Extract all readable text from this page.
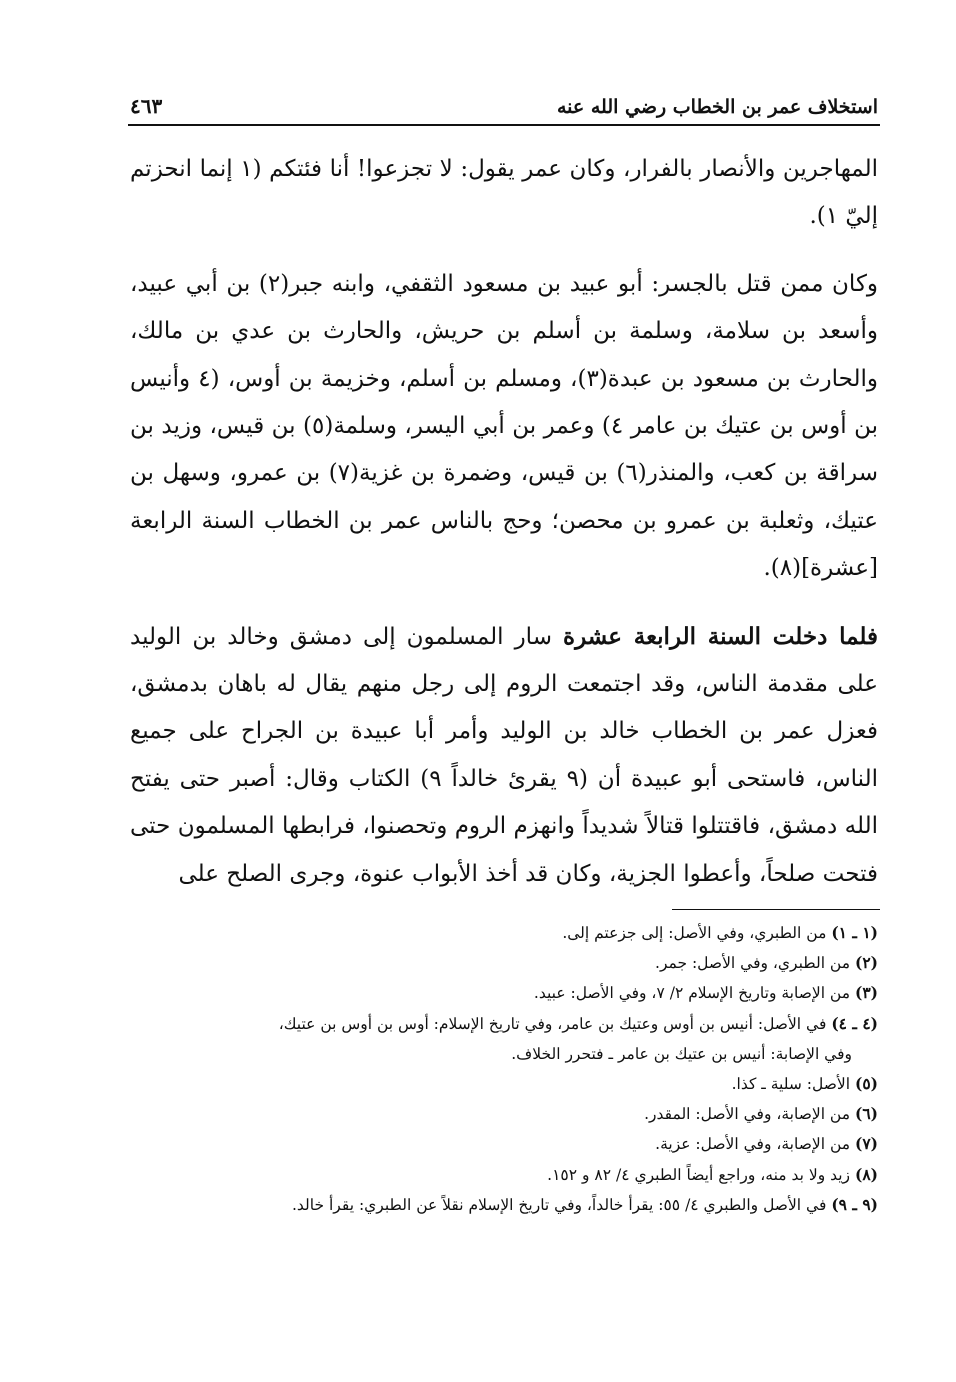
استخلاف عمر بن الخطاب رضي الله عنه
٤٦٣

المهاجرين والأنصار بالفرار، وكان عمر يقول: لا تجزعوا! أنا فئتكم (١ إنما انحزتم إليّ ١).

وكان ممن قتل بالجسر: أبو عبيد بن مسعود الثقفي، وابنه جبر(٢) بن أبي عبيد، وأسعد بن سلامة، وسلمة بن أسلم بن حريش، والحارث بن عدي بن مالك، والحارث بن مسعود بن عبدة(٣)، ومسلم بن أسلم، وخزيمة بن أوس، (٤ وأنيس بن أوس بن عتيك بن عامر ٤) وعمر بن أبي اليسر، وسلمة(٥) بن قيس، وزيد بن سراقة بن كعب، والمنذر(٦) بن قيس، وضمرة بن غزية(٧) بن عمرو، وسهل بن عتيك، وثعلبة بن عمرو بن محصن؛ وحج بالناس عمر بن الخطاب السنة الرابعة [عشرة](٨).

فلما دخلت السنة الرابعة عشرة سار المسلمون إلى دمشق وخالد بن الوليد على مقدمة الناس، وقد اجتمعت الروم إلى رجل منهم يقال له باهان بدمشق، فعزل عمر بن الخطاب خالد بن الوليد وأمر أبا عبيدة بن الجراح على جميع الناس، فاستحى أبو عبيدة أن (٩ يقرئ خالداً ٩) الكتاب وقال: أصبر حتى يفتح الله دمشق، فاقتتلوا قتالاً شديداً وانهزم الروم وتحصنوا، فرابطها المسلمون حتى فتحت صلحاً، وأعطوا الجزية، وكان قد أخذ الأبواب عنوة، وجرى الصلح على

(١ ـ ١) من الطبري، وفي الأصل: إلى جزعتم إلى.
(٢) من الطبري، وفي الأصل: جمر.
(٣) من الإصابة وتاريخ الإسلام ٢/ ٧، وفي الأصل: عبيد.
(٤ ـ ٤) في الأصل: أنيس بن أوس وعتيك بن عامر، وفي تاريخ الإسلام: أوس بن أوس بن عتيك،
وفي الإصابة: أنيس بن عتيك بن عامر ـ فتحرر الخلاف.
(٥) الأصل: سلية ـ كذا.
(٦) من الإصابة، وفي الأصل: المقدر.
(٧) من الإصابة، وفي الأصل: عزية.
(٨) زيد ولا بد منه، وراجع أيضاً الطبري ٤/ ٨٢ و ١٥٢.
(٩ ـ ٩) في الأصل والطبري ٤/ ٥٥: يقرأ خالداً، وفي تاريخ الإسلام نقلاً عن الطبري: يقرأ خالد.
